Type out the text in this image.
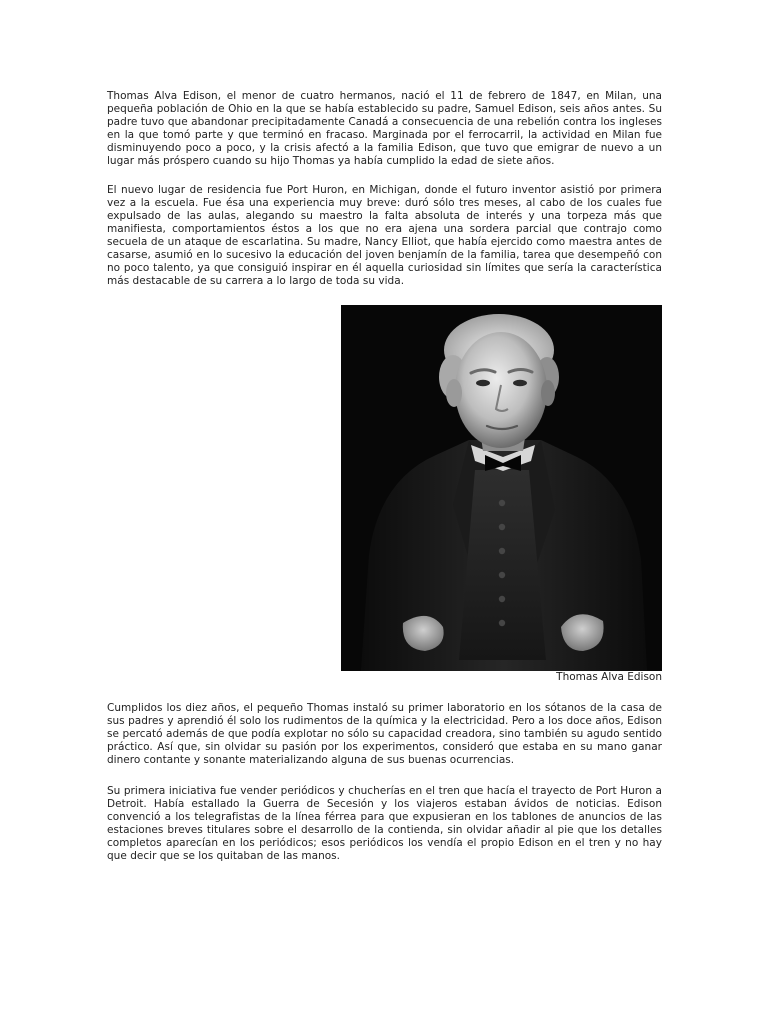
Thomas Alva Edison, el menor de cuatro hermanos, nació el 11 de febrero de 1847, en Milan, una pequeña población de Ohio en la que se había establecido su padre, Samuel Edison, seis años antes. Su padre tuvo que abandonar precipitadamente Canadá a consecuencia de una rebelión contra los ingleses en la que tomó parte y que terminó en fracaso. Marginada por el ferrocarril, la actividad en Milan fue disminuyendo poco a poco, y la crisis afectó a la familia Edison, que tuvo que emigrar de nuevo a un lugar más próspero cuando su hijo Thomas ya había cumplido la edad de siete años.

El nuevo lugar de residencia fue Port Huron, en Michigan, donde el futuro inventor asistió por primera vez a la escuela. Fue ésa una experiencia muy breve: duró sólo tres meses, al cabo de los cuales fue expulsado de las aulas, alegando su maestro la falta absoluta de interés y una torpeza más que manifiesta, comportamientos éstos a los que no era ajena una sordera parcial que contrajo como secuela de un ataque de escarlatina. Su madre, Nancy Elliot, que había ejercido como maestra antes de casarse, asumió en lo sucesivo la educación del joven benjamín de la familia, tarea que desempeñó con no poco talento, ya que consiguió inspirar en él aquella curiosidad sin límites que sería la característica más destacable de su carrera a lo largo de toda su vida.

Thomas Alva Edison

Cumplidos los diez años, el pequeño Thomas instaló su primer laboratorio en los sótanos de la casa de sus padres y aprendió él solo los rudimentos de la química y la electricidad. Pero a los doce años, Edison se percató además de que podía explotar no sólo su capacidad creadora, sino también su agudo sentido práctico. Así que, sin olvidar su pasión por los experimentos, consideró que estaba en su mano ganar dinero contante y sonante materializando alguna de sus buenas ocurrencias.

Su primera iniciativa fue vender periódicos y chucherías en el tren que hacía el trayecto de Port Huron a Detroit. Había estallado la Guerra de Secesión y los viajeros estaban ávidos de noticias. Edison convenció a los telegrafistas de la línea férrea para que expusieran en los tablones de anuncios de las estaciones breves titulares sobre el desarrollo de la contienda, sin olvidar añadir al pie que los detalles completos aparecían en los periódicos; esos periódicos los vendía el propio Edison en el tren y no hay que decir que se los quitaban de las manos.
